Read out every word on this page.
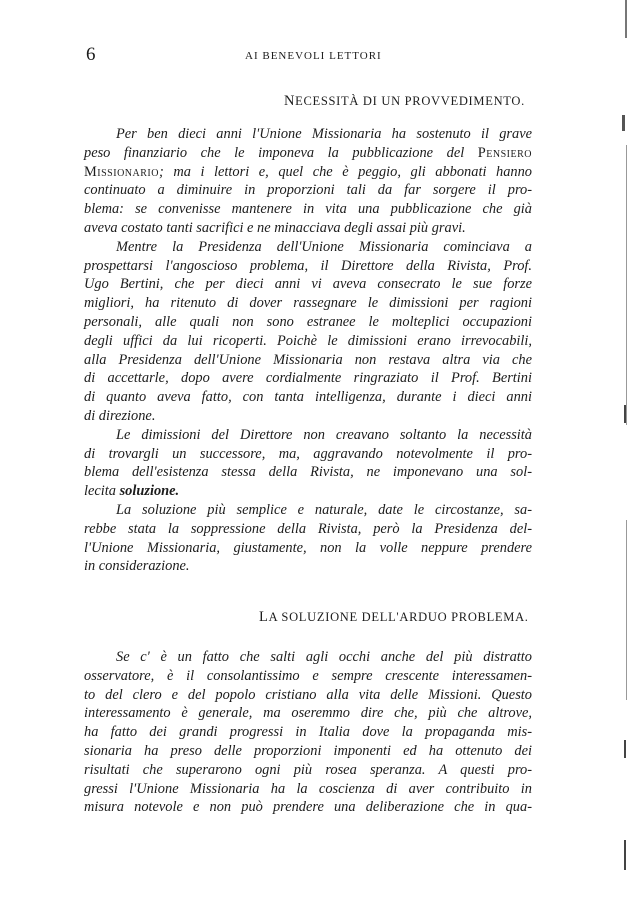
6	AI BENEVOLI LETTORI
NECESSITÀ DI UN PROVVEDIMENTO.
Per ben dieci anni l'Unione Missionaria ha sostenuto il grave
peso finanziario che le imponeva la pubblicazione del Pensiero
Missionario; ma i lettori e, quel che è peggio, gli abbonati hanno
continuato a diminuire in proporzioni tali da far sorgere il pro-
blema: se convenisse mantenere in vita una pubblicazione che già
aveva costato tanti sacrifici e ne minacciava degli assai più gravi.
Mentre la Presidenza dell'Unione Missionaria cominciava a
prospettarsi l'angoscioso problema, il Direttore della Rivista, Prof.
Ugo Bertini, che per dieci anni vi aveva consecrato le sue forze
migliori, ha ritenuto di dover rassegnare le dimissioni per ragioni
personali, alle quali non sono estranee le molteplici occupazioni
degli uffici da lui ricoperti. Poichè le dimissioni erano irrevocabili,
alla Presidenza dell'Unione Missionaria non restava altra via che
di accettarle, dopo avere cordialmente ringraziato il Prof. Bertini
di quanto aveva fatto, con tanta intelligenza, durante i dieci anni
di direzione.
Le dimissioni del Direttore non creavano soltanto la necessità
di trovargli un successore, ma, aggravando notevolmente il pro-
blema dell'esistenza stessa della Rivista, ne imponevano una sol-
lecita soluzione.
La soluzione più semplice e naturale, date le circostanze, sa-
rebbe stata la soppressione della Rivista, però la Presidenza del-
l'Unione Missionaria, giustamente, non la volle neppure prendere
in considerazione.
LA SOLUZIONE DELL'ARDUO PROBLEMA.
Se c' è un fatto che salti agli occhi anche del più distratto
osservatore, è il consolantissimo e sempre crescente interessamen-
to del clero e del popolo cristiano alla vita delle Missioni. Questo
interessamento è generale, ma oseremmo dire che, più che altrove,
ha fatto dei grandi progressi in Italia dove la propaganda mis-
sionaria ha preso delle proporzioni imponenti ed ha ottenuto dei
risultati che superarono ogni più rosea speranza. A questi pro-
gressi l'Unione Missionaria ha la coscienza di aver contribuito in
misura notevole e non può prendere una deliberazione che in qua-
